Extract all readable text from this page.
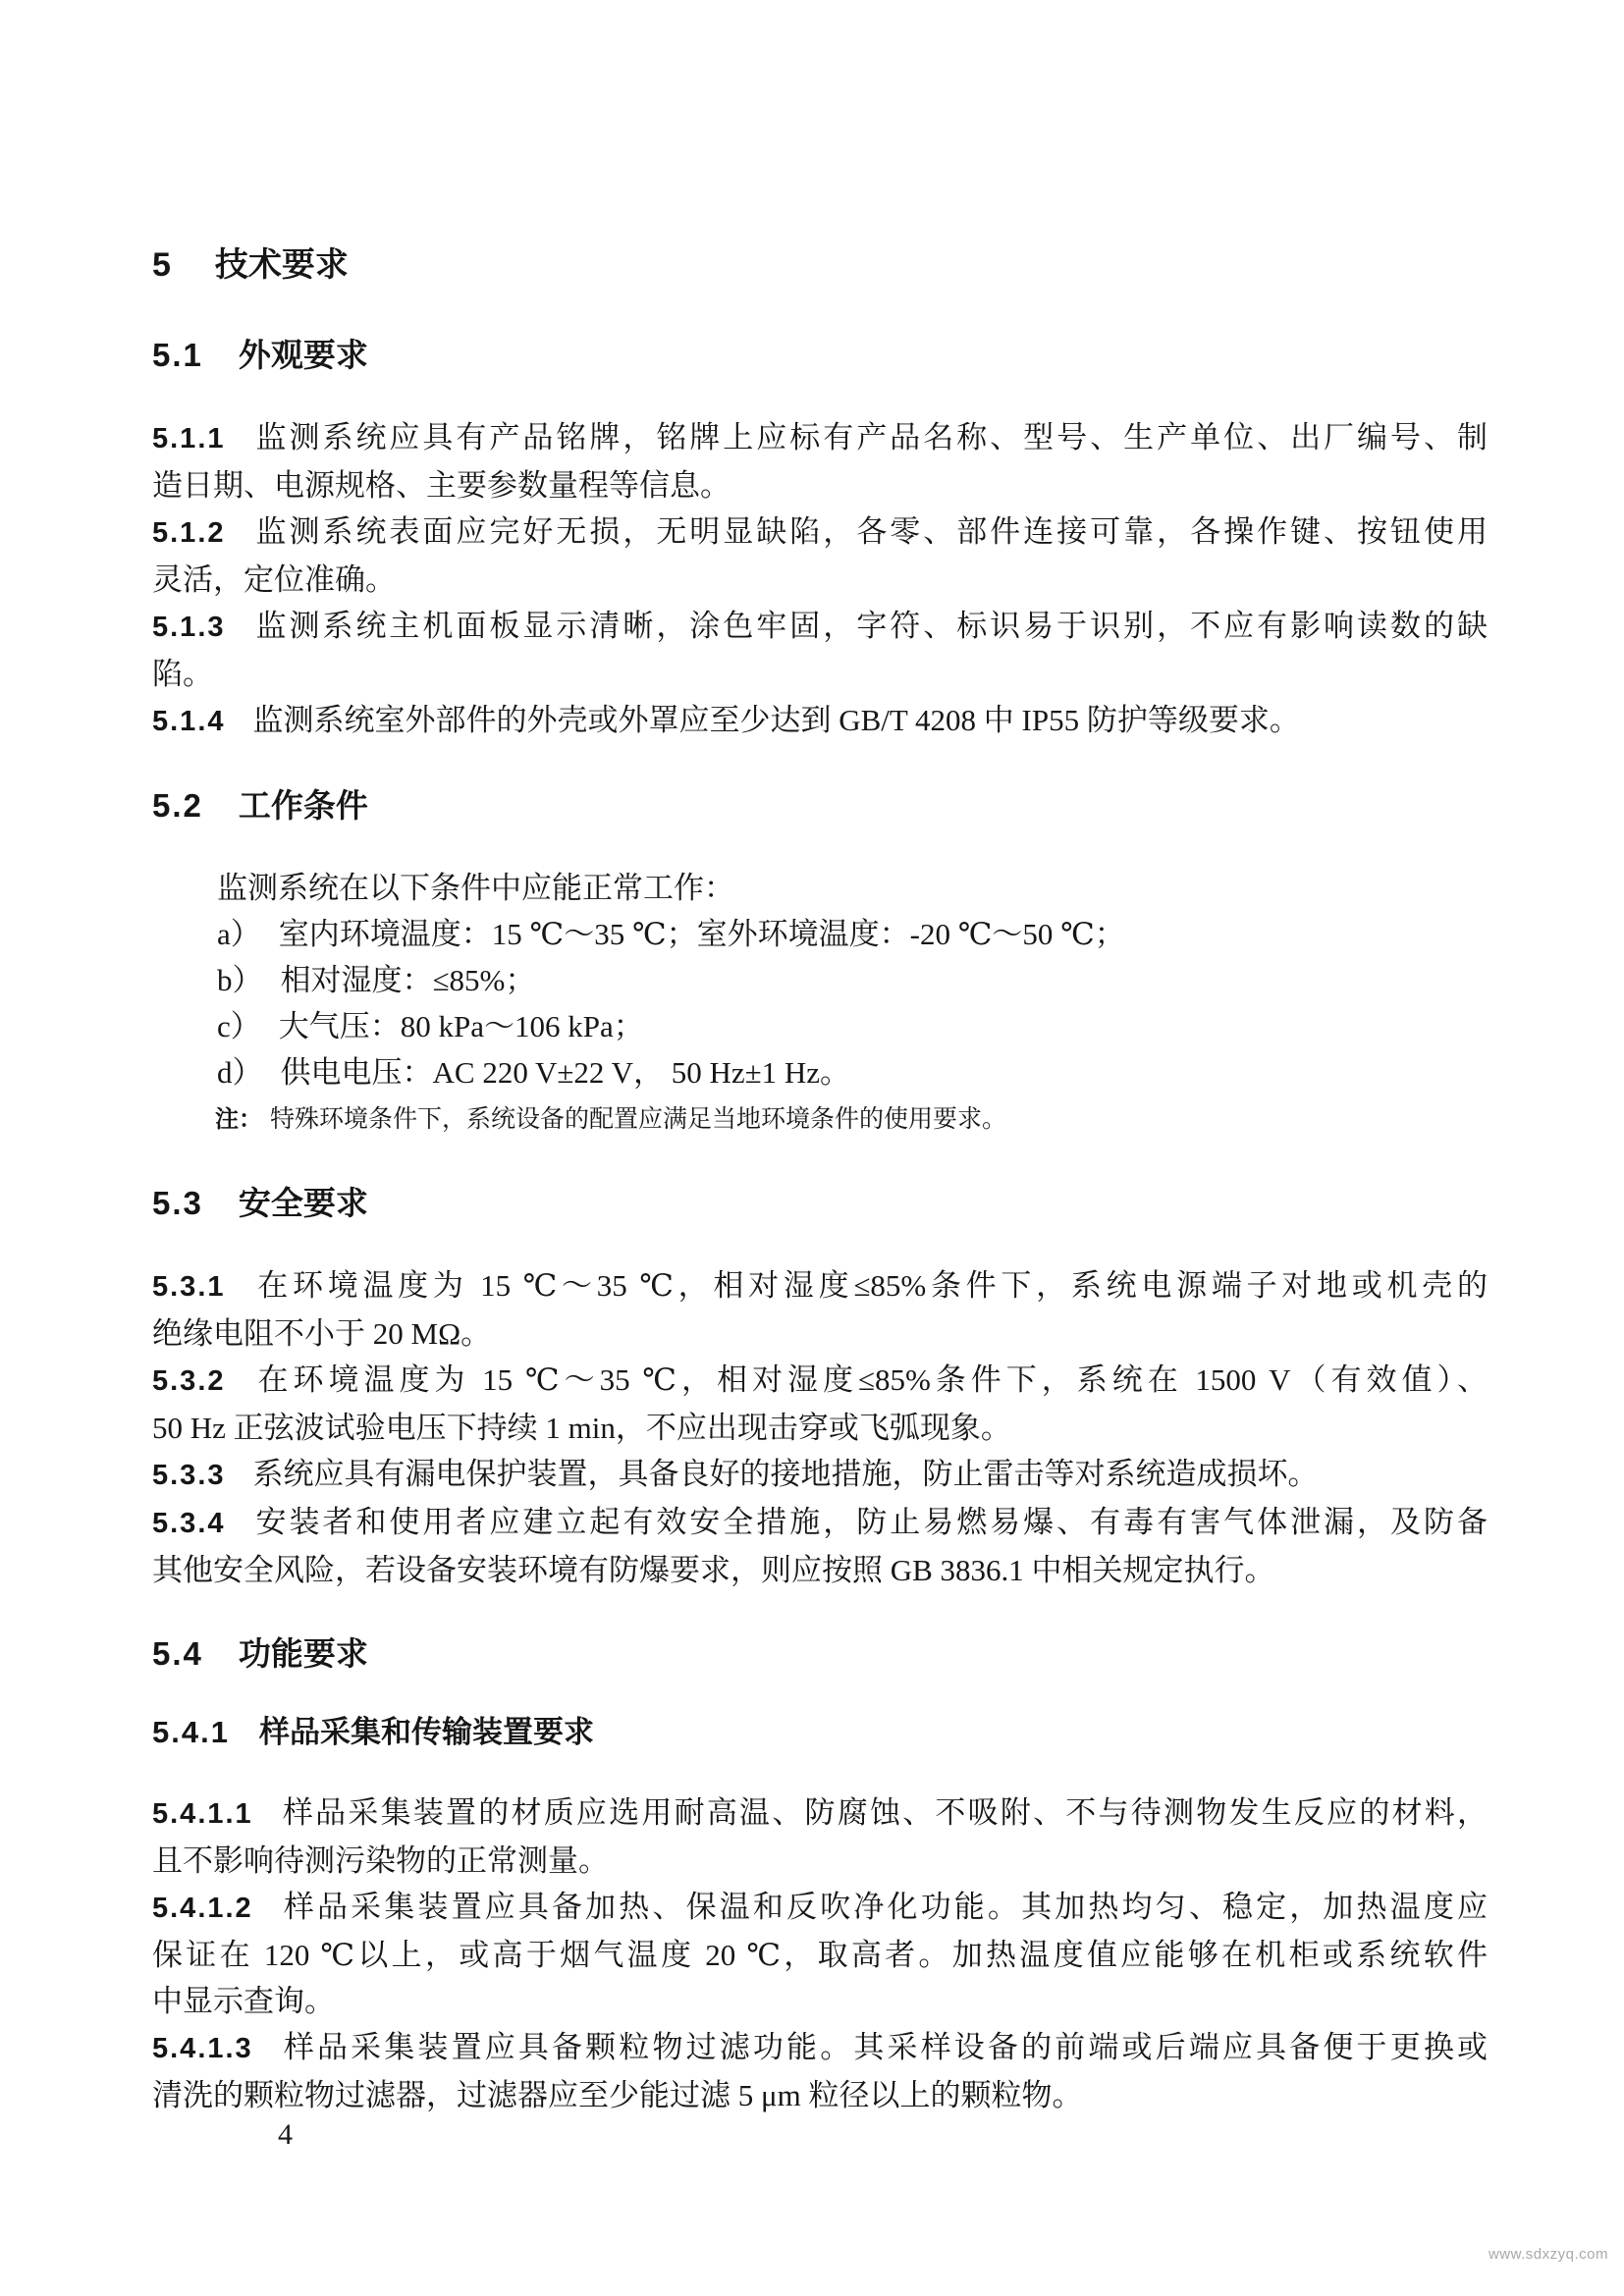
5 技术要求
5.1 外观要求
5.1.1 监测系统应具有产品铭牌，铭牌上应标有产品名称、型号、生产单位、出厂编号、制
造日期、电源规格、主要参数量程等信息。
5.1.2 监测系统表面应完好无损，无明显缺陷，各零、部件连接可靠，各操作键、按钮使用
灵活，定位准确。
5.1.3 监测系统主机面板显示清晰，涂色牢固，字符、标识易于识别，不应有影响读数的缺
陷。
5.1.4 监测系统室外部件的外壳或外罩应至少达到 GB/T 4208 中 IP55 防护等级要求。
5.2 工作条件
监测系统在以下条件中应能正常工作：
a） 室内环境温度：15 ℃～35 ℃；室外环境温度：-20 ℃～50 ℃；
b） 相对湿度：≤85%；
c） 大气压：80 kPa～106 kPa；
d） 供电电压：AC 220 V±22 V， 50 Hz±1 Hz。
注： 特殊环境条件下，系统设备的配置应满足当地环境条件的使用要求。
5.3 安全要求
5.3.1 在环境温度为 15 ℃～35 ℃，相对湿度≤85%条件下，系统电源端子对地或机壳的
绝缘电阻不小于 20 MΩ。
5.3.2 在环境温度为 15 ℃～35 ℃，相对湿度≤85%条件下，系统在 1500 V（有效值）、
50 Hz 正弦波试验电压下持续 1 min，不应出现击穿或飞弧现象。
5.3.3 系统应具有漏电保护装置，具备良好的接地措施，防止雷击等对系统造成损坏。
5.3.4 安装者和使用者应建立起有效安全措施，防止易燃易爆、有毒有害气体泄漏，及防备
其他安全风险，若设备安装环境有防爆要求，则应按照 GB 3836.1 中相关规定执行。
5.4 功能要求
5.4.1 样品采集和传输装置要求
5.4.1.1 样品采集装置的材质应选用耐高温、防腐蚀、不吸附、不与待测物发生反应的材料，
且不影响待测污染物的正常测量。
5.4.1.2 样品采集装置应具备加热、保温和反吹净化功能。其加热均匀、稳定，加热温度应
保证在 120 ℃以上，或高于烟气温度 20 ℃，取高者。加热温度值应能够在机柜或系统软件
中显示查询。
5.4.1.3 样品采集装置应具备颗粒物过滤功能。其采样设备的前端或后端应具备便于更换或
清洗的颗粒物过滤器，过滤器应至少能过滤 5 μm 粒径以上的颗粒物。
4
www.sdxzyq.com
